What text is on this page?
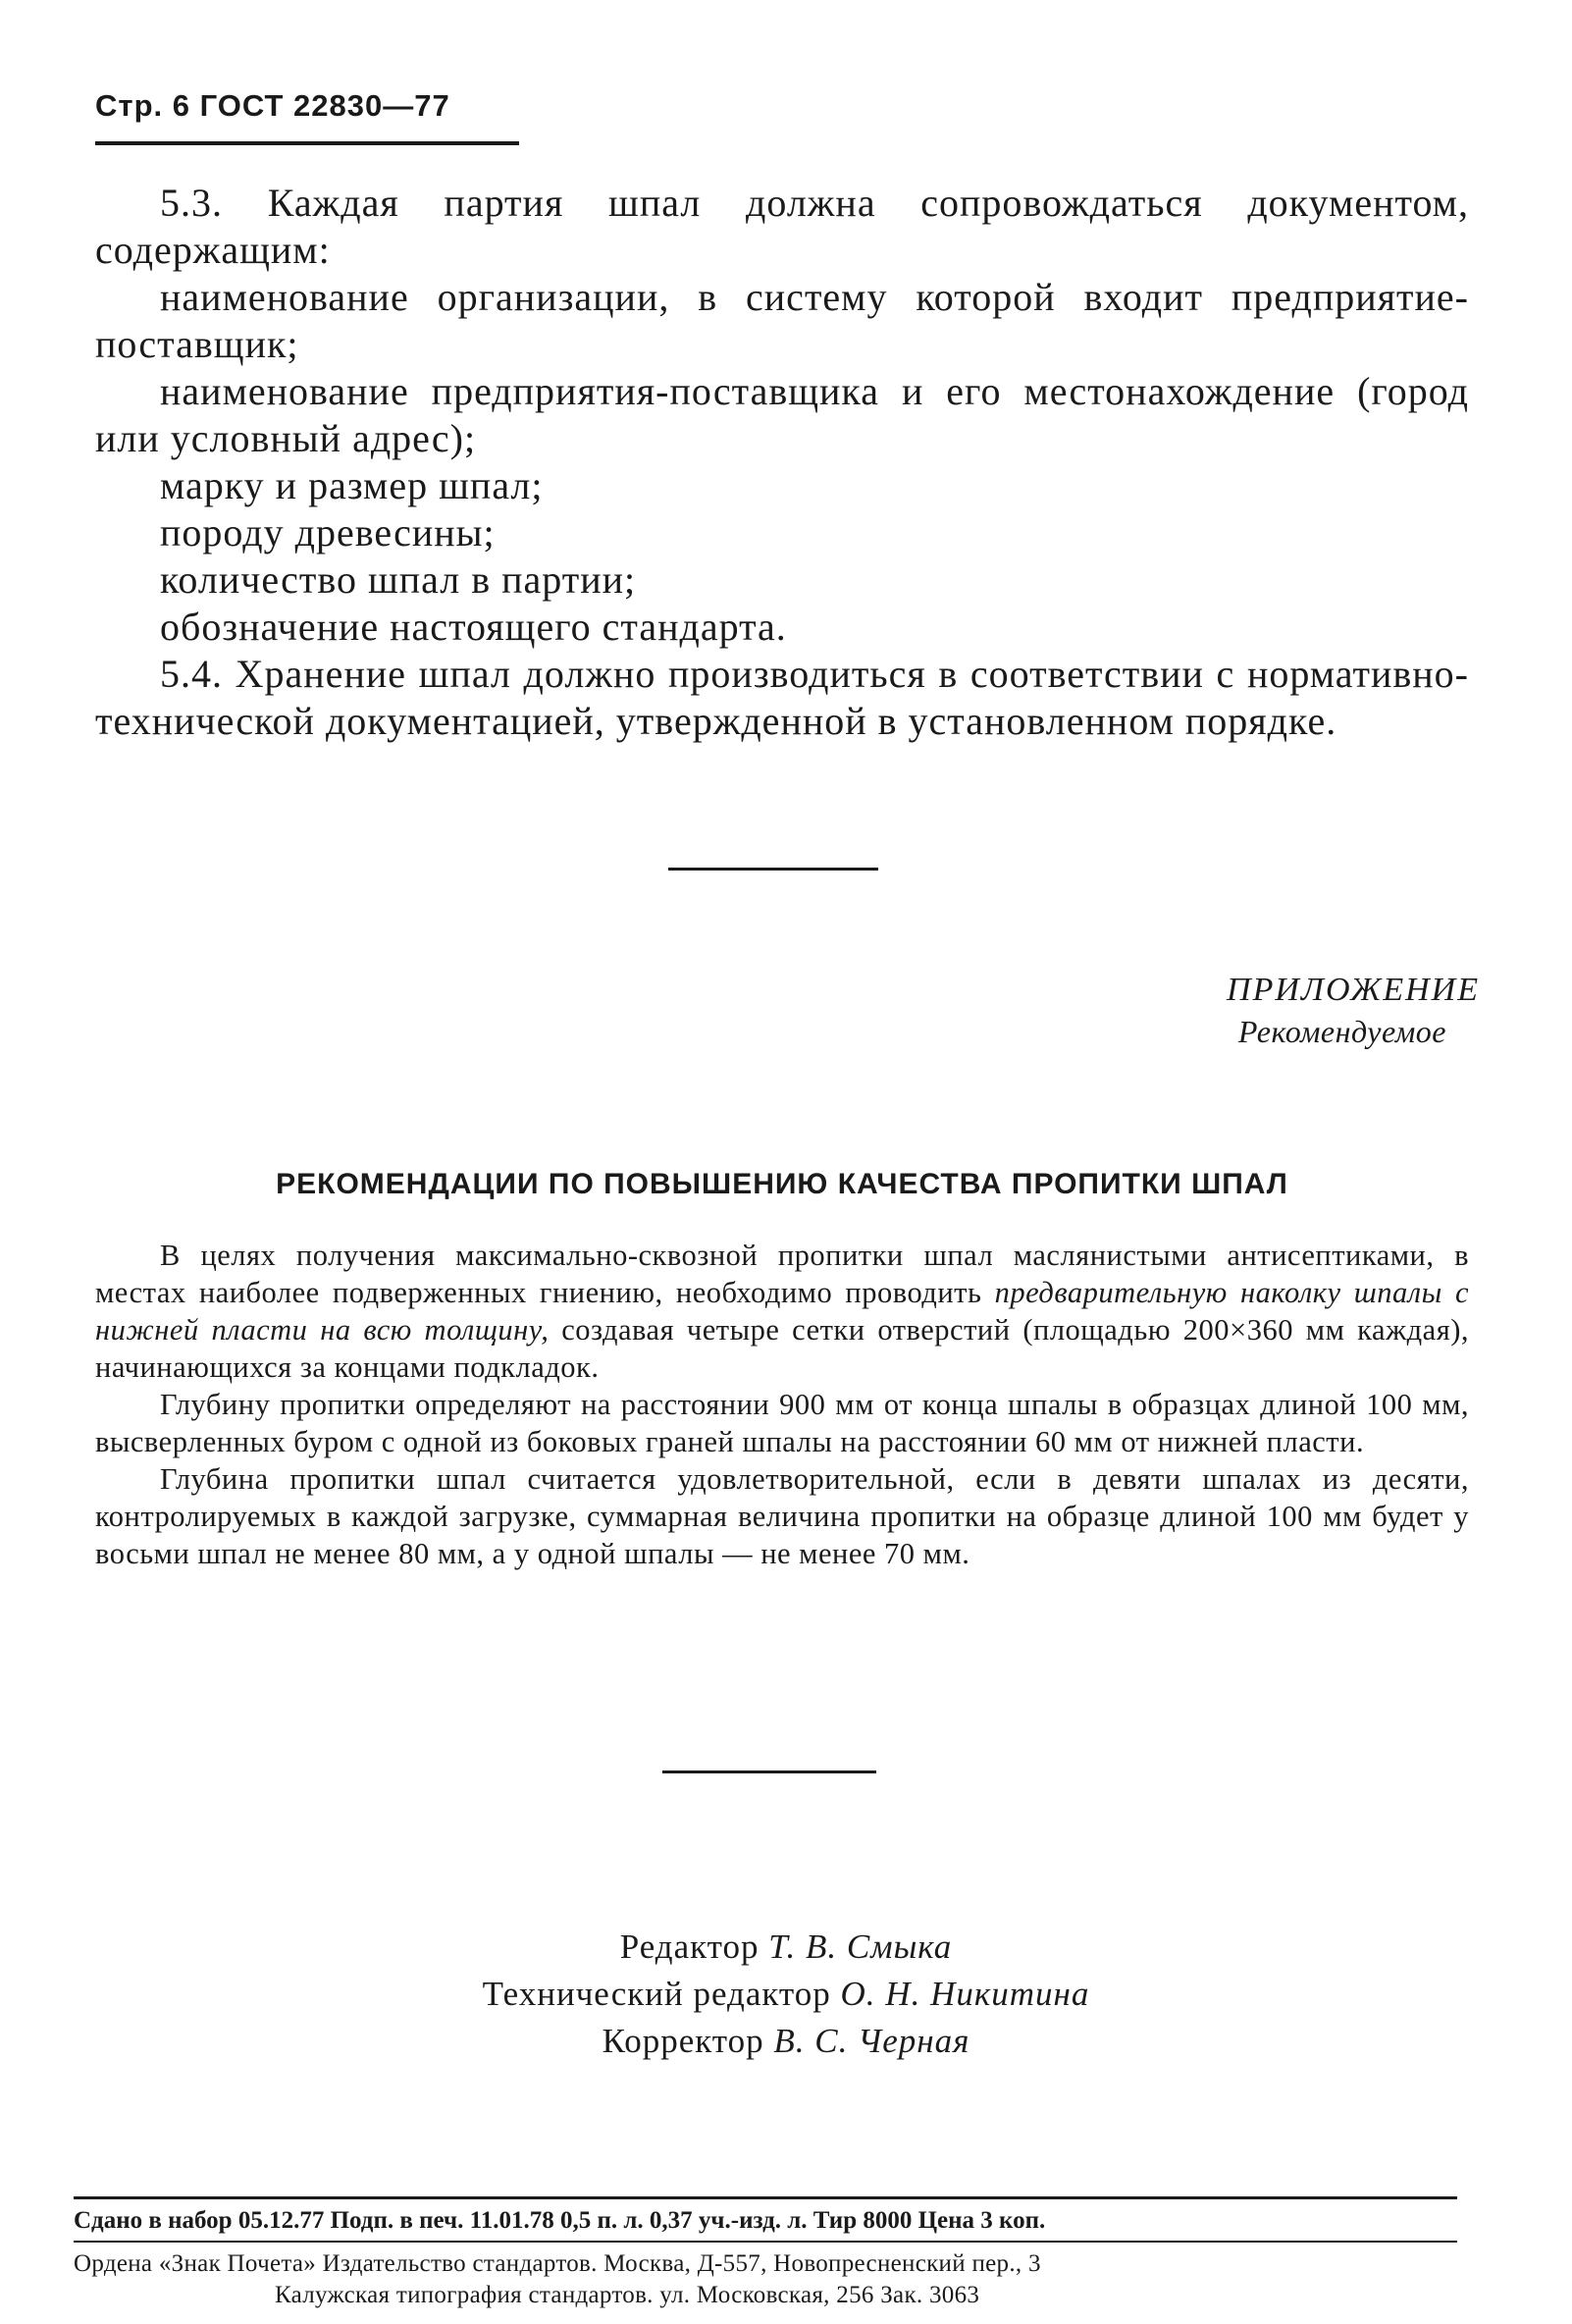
Стр. 6 ГОСТ 22830—77

5.3. Каждая партия шпал должна сопровождаться документом, содержащим:

наименование организации, в систему которой входит предприятие-поставщик;

наименование предприятия-поставщика и его местонахождение (город или условный адрес);

марку и размер шпал;

породу древесины;

количество шпал в партии;

обозначение настоящего стандарта.

5.4. Хранение шпал должно производиться в соответствии с нормативно-технической документацией, утвержденной в установленном порядке.

ПРИЛОЖЕНИЕ
Рекомендуемое
РЕКОМЕНДАЦИИ ПО ПОВЫШЕНИЮ КАЧЕСТВА ПРОПИТКИ ШПАЛ

В целях получения максимально-сквозной пропитки шпал маслянистыми антисептиками, в местах наиболее подверженных гниению, необходимо проводить предварительную наколку шпалы с нижней пласти на всю толщину, создавая четыре сетки отверстий (площадью 200×360 мм каждая), начинающихся за концами подкладок.

Глубину пропитки определяют на расстоянии 900 мм от конца шпалы в образцах длиной 100 мм, высверленных буром с одной из боковых граней шпалы на расстоянии 60 мм от нижней пласти.

Глубина пропитки шпал считается удовлетворительной, если в девяти шпалах из десяти, контролируемых в каждой загрузке, суммарная величина пропитки на образце длиной 100 мм будет у восьми шпал не менее 80 мм, а у одной шпалы — не менее 70 мм.

Редактор Т. В. Смыка
Технический редактор О. Н. Никитина
Корректор В. С. Черная
Сдано в набор 05.12.77 Подп. в печ. 11.01.78 0,5 п. л. 0,37 уч.-изд. л. Тир 8000 Цена 3 коп.
Ордена «Знак Почета» Издательство стандартов. Москва, Д-557, Новопресненский пер., 3
Калужская типография стандартов. ул. Московская, 256 Зак. 3063
